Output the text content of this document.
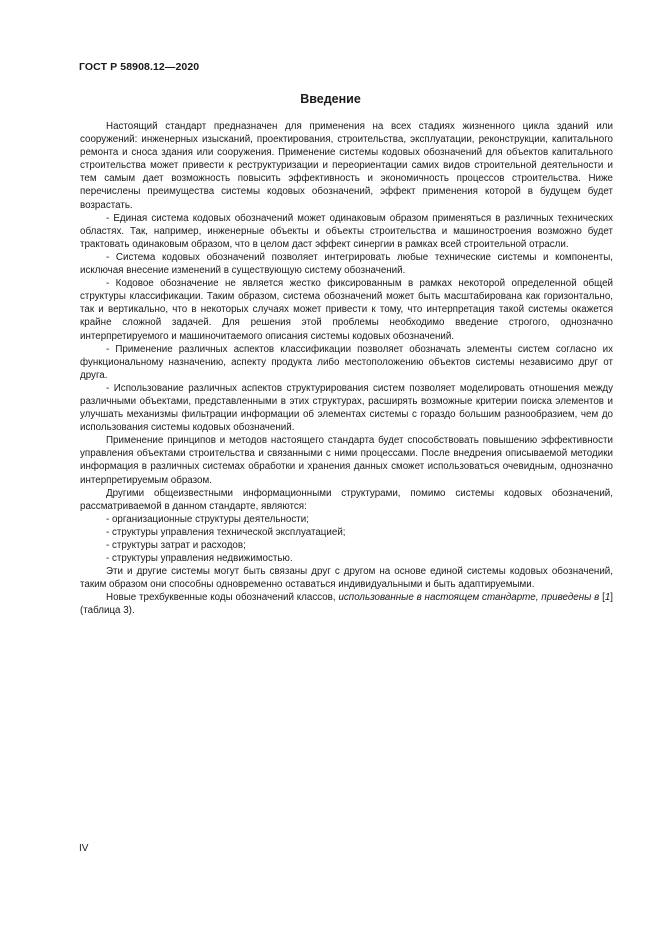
ГОСТ Р 58908.12—2020
Введение

Настоящий стандарт предназначен для применения на всех стадиях жизненного цикла зданий или сооружений: инженерных изысканий, проектирования, строительства, эксплуатации, реконструкции, капитального ремонта и сноса здания или сооружения. Применение системы кодовых обозначений для объектов капитального строительства может привести к реструктуризации и переориентации самих видов строительной деятельности и тем самым дает возможность повысить эффективность и экономичность процессов строительства. Ниже перечислены преимущества системы кодовых обозначений, эффект применения которой в будущем будет возрастать.

- Единая система кодовых обозначений может одинаковым образом применяться в различных технических областях. Так, например, инженерные объекты и объекты строительства и машиностроения возможно будет трактовать одинаковым образом, что в целом даст эффект синергии в рамках всей строительной отрасли.

- Система кодовых обозначений позволяет интегрировать любые технические системы и компоненты, исключая внесение изменений в существующую систему обозначений.

- Кодовое обозначение не является жестко фиксированным в рамках некоторой определенной общей структуры классификации. Таким образом, система обозначений может быть масштабирована как горизонтально, так и вертикально, что в некоторых случаях может привести к тому, что интерпретация такой системы окажется крайне сложной задачей. Для решения этой проблемы необходимо введение строгого, однозначно интерпретируемого и машиночитаемого описания системы кодовых обозначений.

- Применение различных аспектов классификации позволяет обозначать элементы систем согласно их функциональному назначению, аспекту продукта либо местоположению объектов системы независимо друг от друга.

- Использование различных аспектов структурирования систем позволяет моделировать отношения между различными объектами, представленными в этих структурах, расширять возможные критерии поиска элементов и улучшать механизмы фильтрации информации об элементах системы с гораздо большим разнообразием, чем до использования системы кодовых обозначений.

Применение принципов и методов настоящего стандарта будет способствовать повышению эффективности управления объектами строительства и связанными с ними процессами. После внедрения описываемой методики информация в различных системах обработки и хранения данных сможет использоваться очевидным, однозначно интерпретируемым образом.

Другими общеизвестными информационными структурами, помимо системы кодовых обозначений, рассматриваемой в данном стандарте, являются:

- организационные структуры деятельности;

- структуры управления технической эксплуатацией;

- структуры затрат и расходов;

- структуры управления недвижимостью.

Эти и другие системы могут быть связаны друг с другом на основе единой системы кодовых обозначений, таким образом они способны одновременно оставаться индивидуальными и быть адаптируемыми.

Новые трехбуквенные коды обозначений классов, использованные в настоящем стандарте, приведены в [1] (таблица 3).

IV
